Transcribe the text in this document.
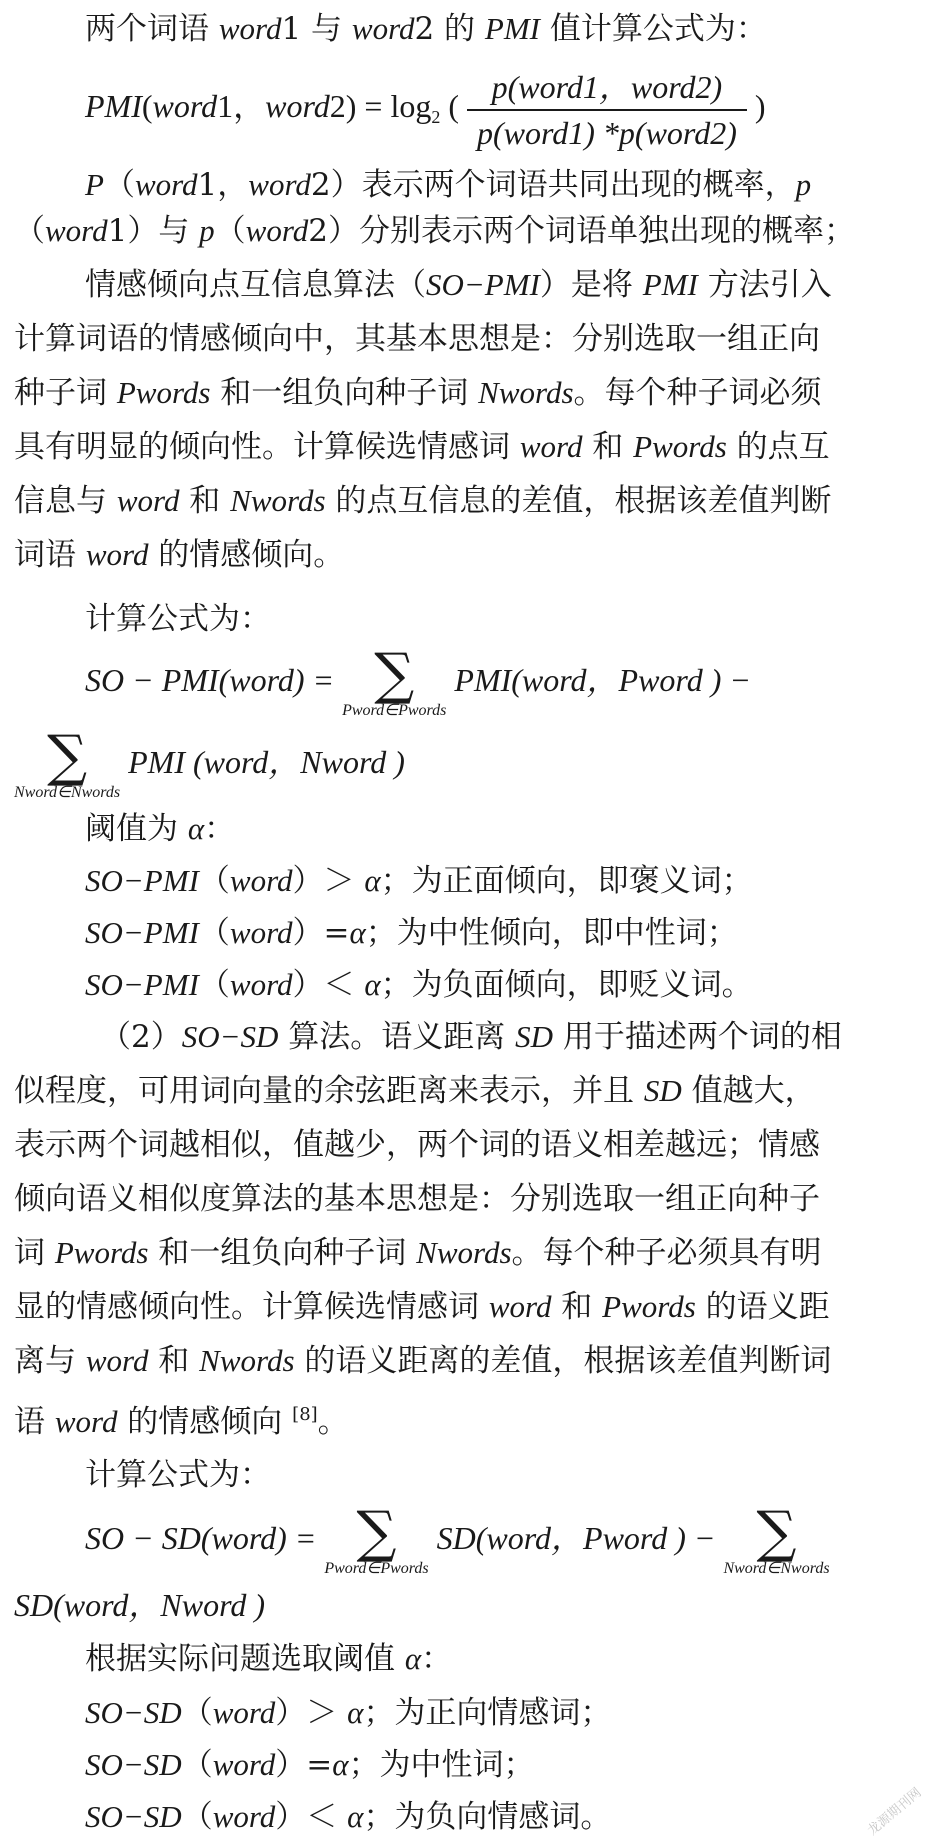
两个词语 word1 与 word2 的 PMI 值计算公式为：
PMI(word1，word2) = log2 ( $\frac{\text{p(word1，word2)}}{\text{p(word1) *p(word2)}}$ )
P（word1，word2）表示两个词语共同出现的概率，p
（word1）与 p（word2）分别表示两个词语单独出现的概率；
情感倾向点互信息算法（SO−PMI）是将 PMI 方法引入
计算词语的情感倾向中，其基本思想是：分别选取一组正向
种子词 Pwords 和一组负向种子词 Nwords。每个种子词必须
具有明显的倾向性。计算候选情感词 word 和 Pwords 的点互
信息与 word 和 Nwords 的点互信息的差值，根据该差值判断
词语 word 的情感倾向。
计算公式为：
SO − PMI(word) = ∑
Pword∈Pwords
PMI(word，Pword ) −
∑
Nword∈Nwords
PMI (word，Nword )
阈值为 α：
SO−PMI（word）＞ α；为正面倾向，即褒义词；
SO−PMI（word）=α；为中性倾向，即中性词；
SO−PMI（word）＜ α；为负面倾向，即贬义词。
（2）SO−SD 算法。语义距离 SD 用于描述两个词的相
似程度，可用词向量的余弦距离来表示，并且 SD 值越大，
表示两个词越相似，值越少，两个词的语义相差越远；情感
倾向语义相似度算法的基本思想是：分别选取一组正向种子
词 Pwords 和一组负向种子词 Nwords。每个种子必须具有明
显的情感倾向性。计算候选情感词 word 和 Pwords 的语义距
离与 word 和 Nwords 的语义距离的差值，根据该差值判断词
语 word 的情感倾向 [8]。
计算公式为：
SO − SD(word) = ∑
Pword∈Pwords
SD(word，Pword ) − ∑
Nword∈Nwords
SD(word，Nword )
根据实际问题选取阈值 α：
SO−SD（word）＞ α；为正向情感词；
SO−SD（word）=α；为中性词；
SO−SD（word）＜ α；为负向情感词。	龙源期刊网
